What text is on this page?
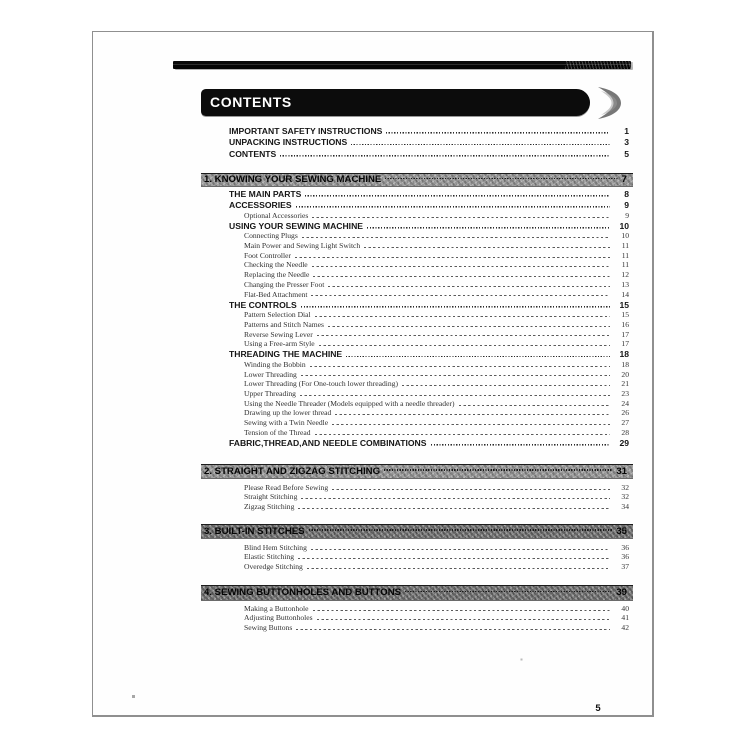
CONTENTS
IMPORTANT SAFETY INSTRUCTIONS	1
UNPACKING INSTRUCTIONS	3
CONTENTS	5
1. KNOWING YOUR SEWING MACHINE	7
THE MAIN PARTS	8
ACCESSORIES	9
Optional Accessories	9
USING YOUR SEWING MACHINE	10
Connecting Plugs	10
Main Power and Sewing Light Switch	11
Foot Controller	11
Checking the Needle	11
Replacing the Needle	12
Changing the Presser Foot	13
Flat-Bed Attachment	14
THE CONTROLS	15
Pattern Selection Dial	15
Patterns and Stitch Names	16
Reverse Sewing Lever	17
Using a Free-arm Style	17
THREADING THE MACHINE	18
Winding the Bobbin	18
Lower Threading	20
Lower Threading (For One-touch lower threading)	21
Upper Threading	23
Using the Needle Threader (Models equipped with a needle threader)	24
Drawing up the lower thread	26
Sewing with a Twin Needle	27
Tension of the Thread	28
FABRIC,THREAD,AND NEEDLE COMBINATIONS	29
2. STRAIGHT AND ZIGZAG STITCHING	31
Please Read Before Sewing	32
Straight Stitching	32
Zigzag Stitching	34
3. BUILT-IN STITCHES	35
Blind Hem Stitching	36
Elastic Stitching	36
Overedge Stitching	37
4. SEWING BUTTONHOLES AND BUTTONS	39
Making a Buttonhole	40
Adjusting Buttonholes	41
Sewing Buttons	42
5
